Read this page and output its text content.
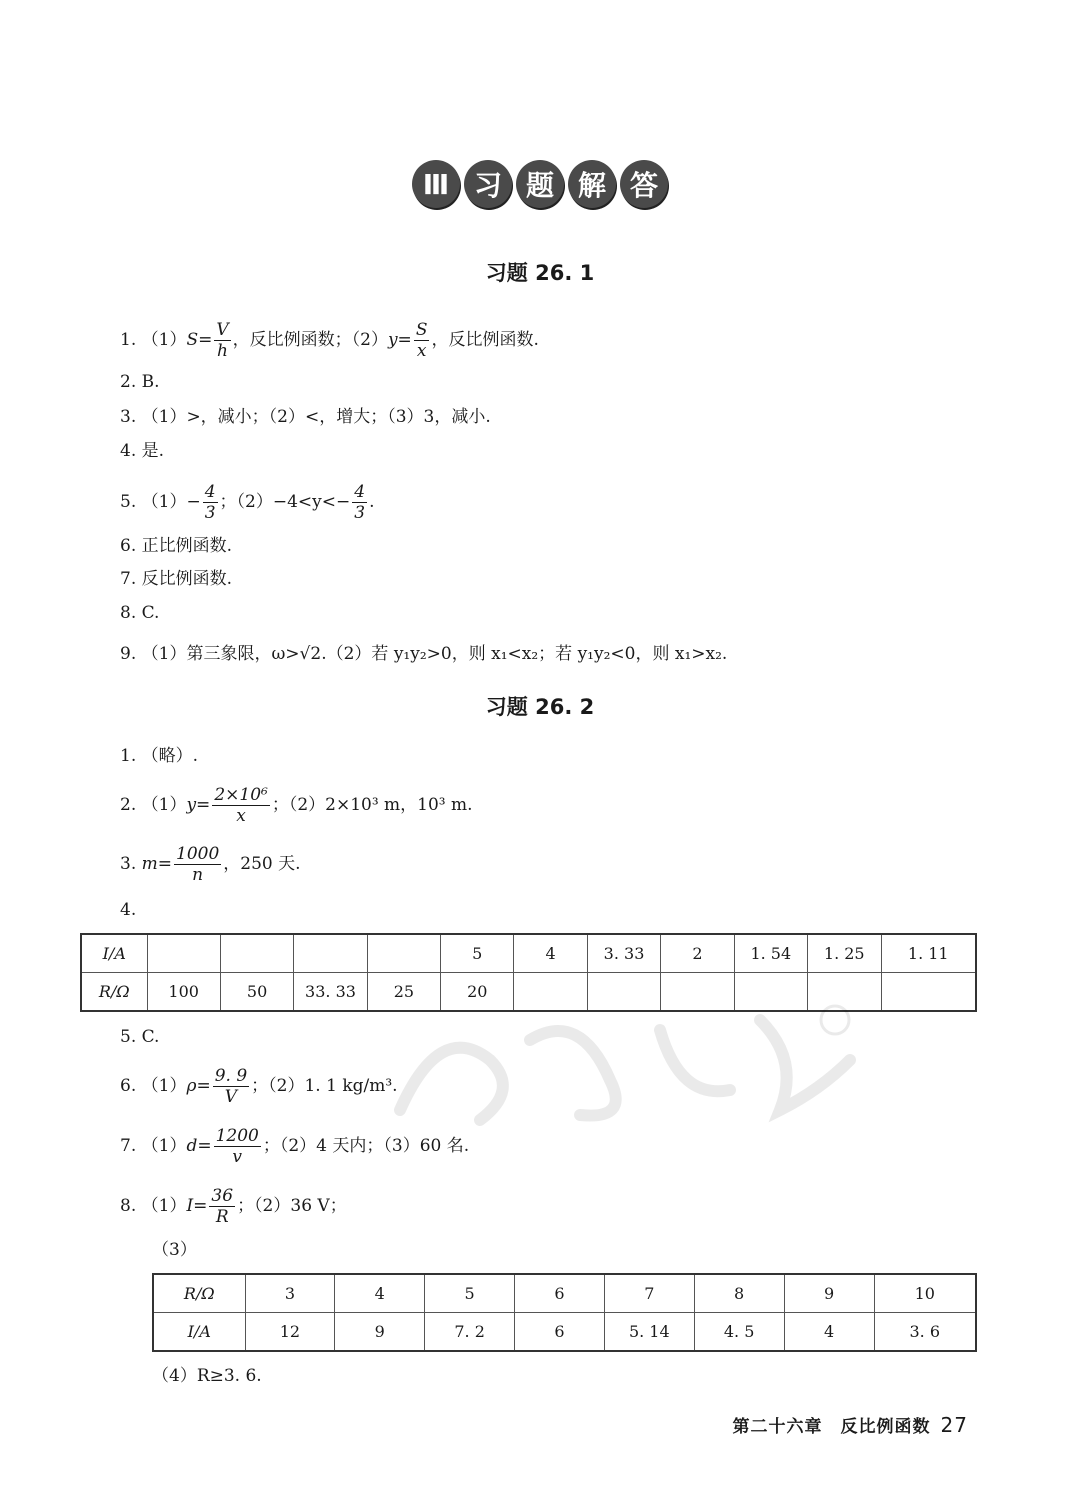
Ⅲ 习 题 解 答
习题 26. 1
1. $(1)S= \frac{V}{h}$ ，反比例函数；$(2)y= \frac{S}{x}$ ，反比例函数.
2. B.
3. （1）>，减小；（2）<，增大；（3）3，减小.
4. 是.
5. $(1)- \frac{4}{3}$ ；$(2)-4<y<- \frac{4}{3}$ .
6. 正比例函数.
7. 反比例函数.
8. C.
9. （1）第三象限，ω>√2.（2）若 y₁y₂>0，则 x₁<x₂；若 y₁y₂<0，则 x₁>x₂.
习题 26. 2
1. （略）.
2. $(1)y= \frac{\text{2×10⁶}}{x}$ ；（2）2×10³ m，10³ m.
3. $m= \frac{1000}{n}$ ，250 天.
4.
I/A					5	4	3. 33	2	1. 54	1. 25	1. 11
R/Ω	100	50	33. 33	25	20						
5. C.
6. $(1)\rho= \frac{9. 9}{V}$ ；（2）1. 1 kg/m³.
7. $(1)d= \frac{1200}{v}$ ；（2）4 天内；（3）60 名.
8. $(1)I= \frac{36}{R}$ ；（2）36 V；
（3）
R/Ω	3	4	5	6	7	8	9	10
I/A	12	9	7. 2	6	5. 14	4. 5	4	3. 6
（4）R≥3. 6.
第二十六章　反比例函数 27
